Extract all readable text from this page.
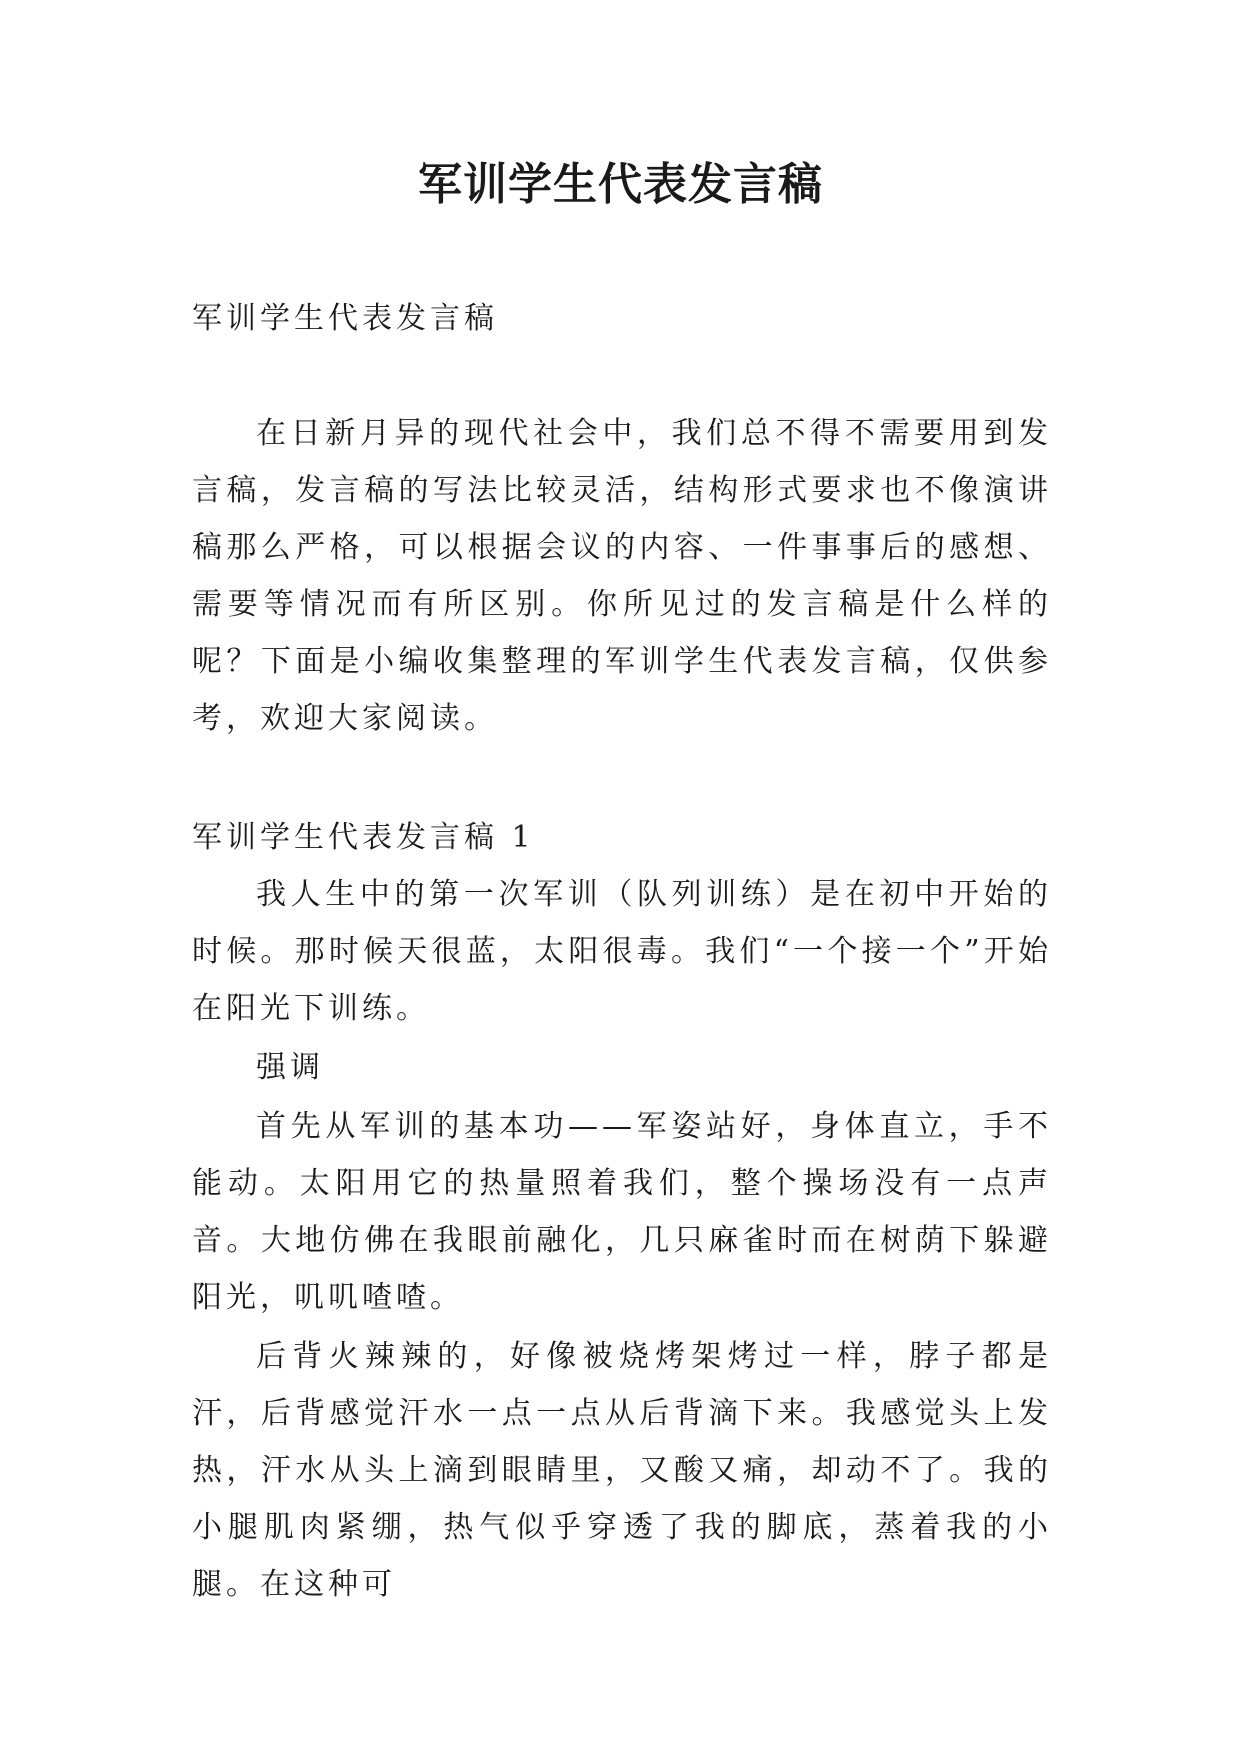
军训学生代表发言稿

军训学生代表发言稿

在日新月异的现代社会中，我们总不得不需要用到发言稿，发言稿的写法比较灵活，结构形式要求也不像演讲稿那么严格，可以根据会议的内容、一件事事后的感想、需要等情况而有所区别。你所见过的发言稿是什么样的呢？下面是小编收集整理的军训学生代表发言稿，仅供参考，欢迎大家阅读。

军训学生代表发言稿 1

我人生中的第一次军训（队列训练）是在初中开始的时候。那时候天很蓝，太阳很毒。我们“一个接一个”开始在阳光下训练。

强调

首先从军训的基本功——军姿站好，身体直立，手不能动。太阳用它的热量照着我们，整个操场没有一点声音。大地仿佛在我眼前融化，几只麻雀时而在树荫下躲避阳光，叽叽喳喳。

后背火辣辣的，好像被烧烤架烤过一样，脖子都是汗，后背感觉汗水一点一点从后背滴下来。我感觉头上发热，汗水从头上滴到眼睛里，又酸又痛，却动不了。我的小腿肌肉紧绷，热气似乎穿透了我的脚底，蒸着我的小腿。在这种可
